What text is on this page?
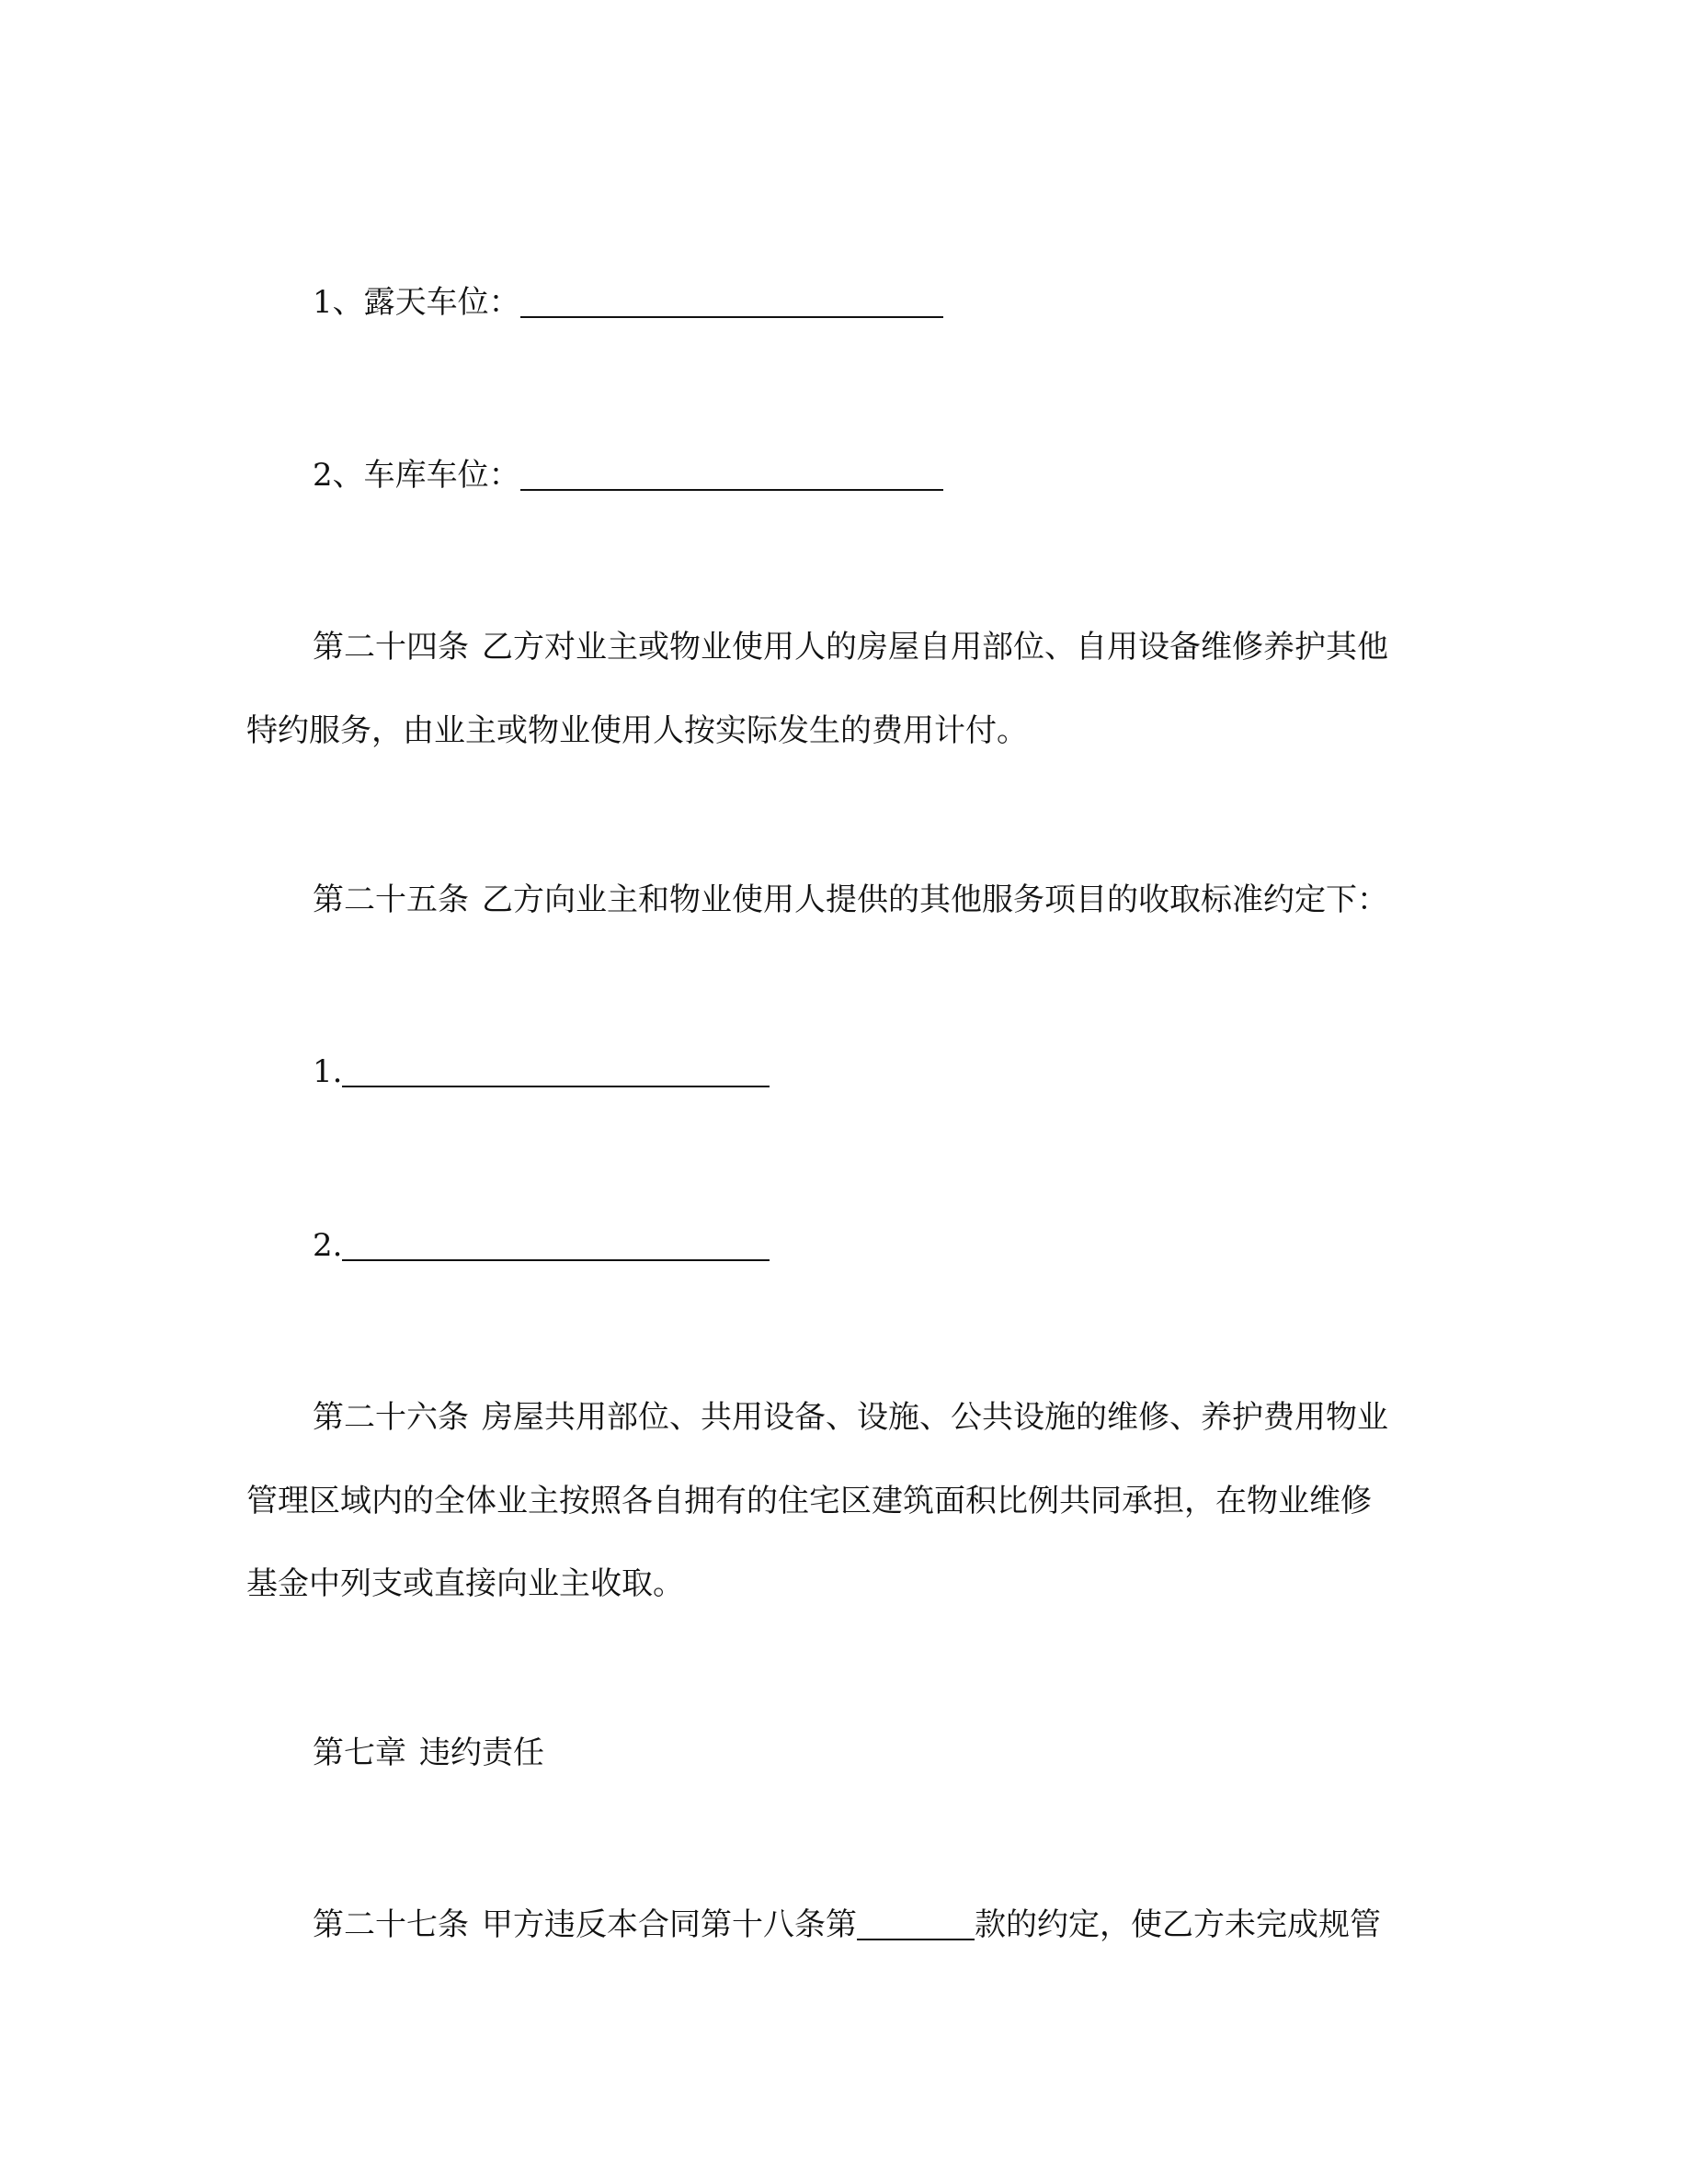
1、露天车位：
2、车库车位：
第二十四条 乙方对业主或物业使用人的房屋自用部位、自用设备维修养护其他
特约服务，由业主或物业使用人按实际发生的费用计付。
第二十五条 乙方向业主和物业使用人提供的其他服务项目的收取标准约定下：
1.
2.
第二十六条 房屋共用部位、共用设备、设施、公共设施的维修、养护费用物业
管理区域内的全体业主按照各自拥有的住宅区建筑面积比例共同承担，在物业维修
基金中列支或直接向业主收取。
第七章 违约责任
第二十七条 甲方违反本合同第十八条第	款的约定，使乙方未完成规管
